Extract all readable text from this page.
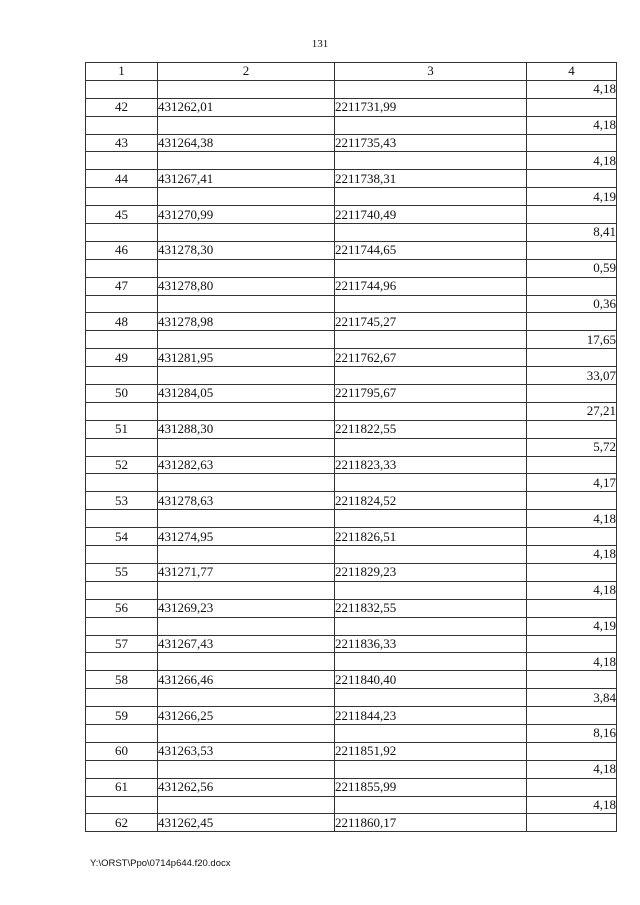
131
1	2	3	4
			4,18
42	431262,01	2211731,99	
			4,18
43	431264,38	2211735,43	
			4,18
44	431267,41	2211738,31	
			4,19
45	431270,99	2211740,49	
			8,41
46	431278,30	2211744,65	
			0,59
47	431278,80	2211744,96	
			0,36
48	431278,98	2211745,27	
			17,65
49	431281,95	2211762,67	
			33,07
50	431284,05	2211795,67	
			27,21
51	431288,30	2211822,55	
			5,72
52	431282,63	2211823,33	
			4,17
53	431278,63	2211824,52	
			4,18
54	431274,95	2211826,51	
			4,18
55	431271,77	2211829,23	
			4,18
56	431269,23	2211832,55	
			4,19
57	431267,43	2211836,33	
			4,18
58	431266,46	2211840,40	
			3,84
59	431266,25	2211844,23	
			8,16
60	431263,53	2211851,92	
			4,18
61	431262,56	2211855,99	
			4,18
62	431262,45	2211860,17	
Y:\ORST\Ppo\0714p644.f20.docx
